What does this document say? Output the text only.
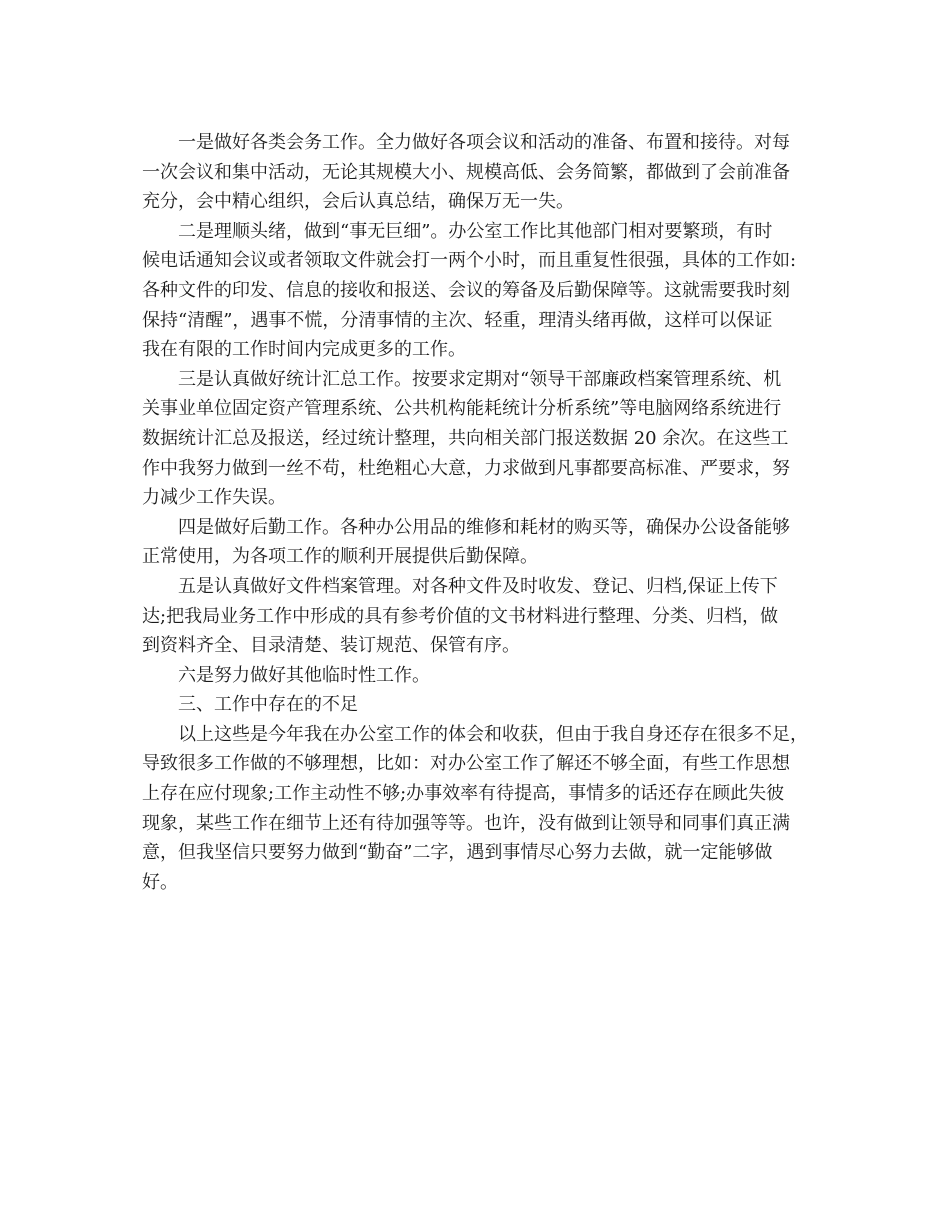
一是做好各类会务工作。全力做好各项会议和活动的准备、布置和接待。对每
一次会议和集中活动，无论其规模大小、规模高低、会务简繁，都做到了会前准备
充分，会中精心组织，会后认真总结，确保万无一失。
二是理顺头绪，做到“事无巨细”。办公室工作比其他部门相对要繁琐，有时
候电话通知会议或者领取文件就会打一两个小时，而且重复性很强，具体的工作如:
各种文件的印发、信息的接收和报送、会议的筹备及后勤保障等。这就需要我时刻
保持“清醒”，遇事不慌，分清事情的主次、轻重，理清头绪再做，这样可以保证
我在有限的工作时间内完成更多的工作。
三是认真做好统计汇总工作。按要求定期对“领导干部廉政档案管理系统、机
关事业单位固定资产管理系统、公共机构能耗统计分析系统”等电脑网络系统进行
数据统计汇总及报送，经过统计整理，共向相关部门报送数据 20 余次。在这些工
作中我努力做到一丝不苟，杜绝粗心大意，力求做到凡事都要高标准、严要求，努
力减少工作失误。
四是做好后勤工作。各种办公用品的维修和耗材的购买等，确保办公设备能够
正常使用，为各项工作的顺利开展提供后勤保障。
五是认真做好文件档案管理。对各种文件及时收发、登记、归档,保证上传下
达;把我局业务工作中形成的具有参考价值的文书材料进行整理、分类、归档，做
到资料齐全、目录清楚、装订规范、保管有序。
六是努力做好其他临时性工作。
三、工作中存在的不足
以上这些是今年我在办公室工作的体会和收获，但由于我自身还存在很多不足，
导致很多工作做的不够理想，比如：对办公室工作了解还不够全面，有些工作思想
上存在应付现象;工作主动性不够;办事效率有待提高，事情多的话还存在顾此失彼
现象，某些工作在细节上还有待加强等等。也许，没有做到让领导和同事们真正满
意，但我坚信只要努力做到“勤奋”二字，遇到事情尽心努力去做，就一定能够做
好。
